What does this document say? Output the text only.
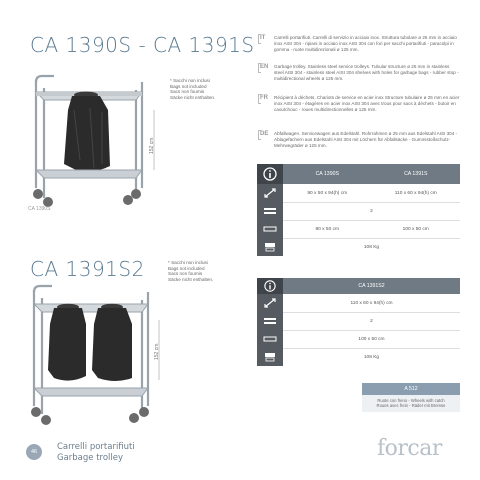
CA 1390S - CA 1391S
CA 1391S2
* Sacchi non inclusi
Bags not included
Sacs non fournis
Säcke nicht enthalten.
* Sacchi non inclusi
Bags not included
Sacs non fournis
Säcke nicht enthalten.
152 cm
CA 1390S
152 cm
IT Carrelli portarifiuti. Carrelli di servizio in acciaio inox. Struttura tubolare ø 25 mm in acciaio inox AISI 304 - ripiani in acciaio inox AISI 304 con fori per sacchi portarifiuti - paracolpi in gomma - ruote multidirezionali ø 125 mm.
EN Garbage trolley. Stainless steel service trolleys. Tubular structure ø 25 mm in stainless steel AISI 304 - stainless steel AISI 304 shelves with holes for garbage bags - rubber stop - multidirectional wheels ø 125 mm.
FR Récipient à déchets. Chariots de service en acier inox Structure tubulaire ø 25 mm en acier inox AISI 304 - étagères en acier inox AISI 304 avec trous pour sacs à déchets - butoir en caoutchouc - roues multidirectionnelles ø 125 mm.
DE Abfallwagen. Servicewagen aus Edelstahl. Rohrrahmen ø 25 mm aus Edelstahl AISI 304 - Ablagefächern aus Edelstahl AISI 304 mit Löchern für Abfallsäcke - Gummistoßschutz- Mehrwegräder ø 125 mm.
CA 1390S	CA 1391S
90 x 50 x 94(h) cm	110 x 60 x 94(h) cm
2
80 x 50 cm	100 x 50 cm
108 Kg
CA 1391S2
110 x 60 x 94(h) cm
2
100 x 50 cm
108 Kg
A 512
Ruote con freno - Wheels with catch
Roues avec frein - Räder mit Bremse
46	Carrelli portarifiuti
Garbage trolley	forcar
